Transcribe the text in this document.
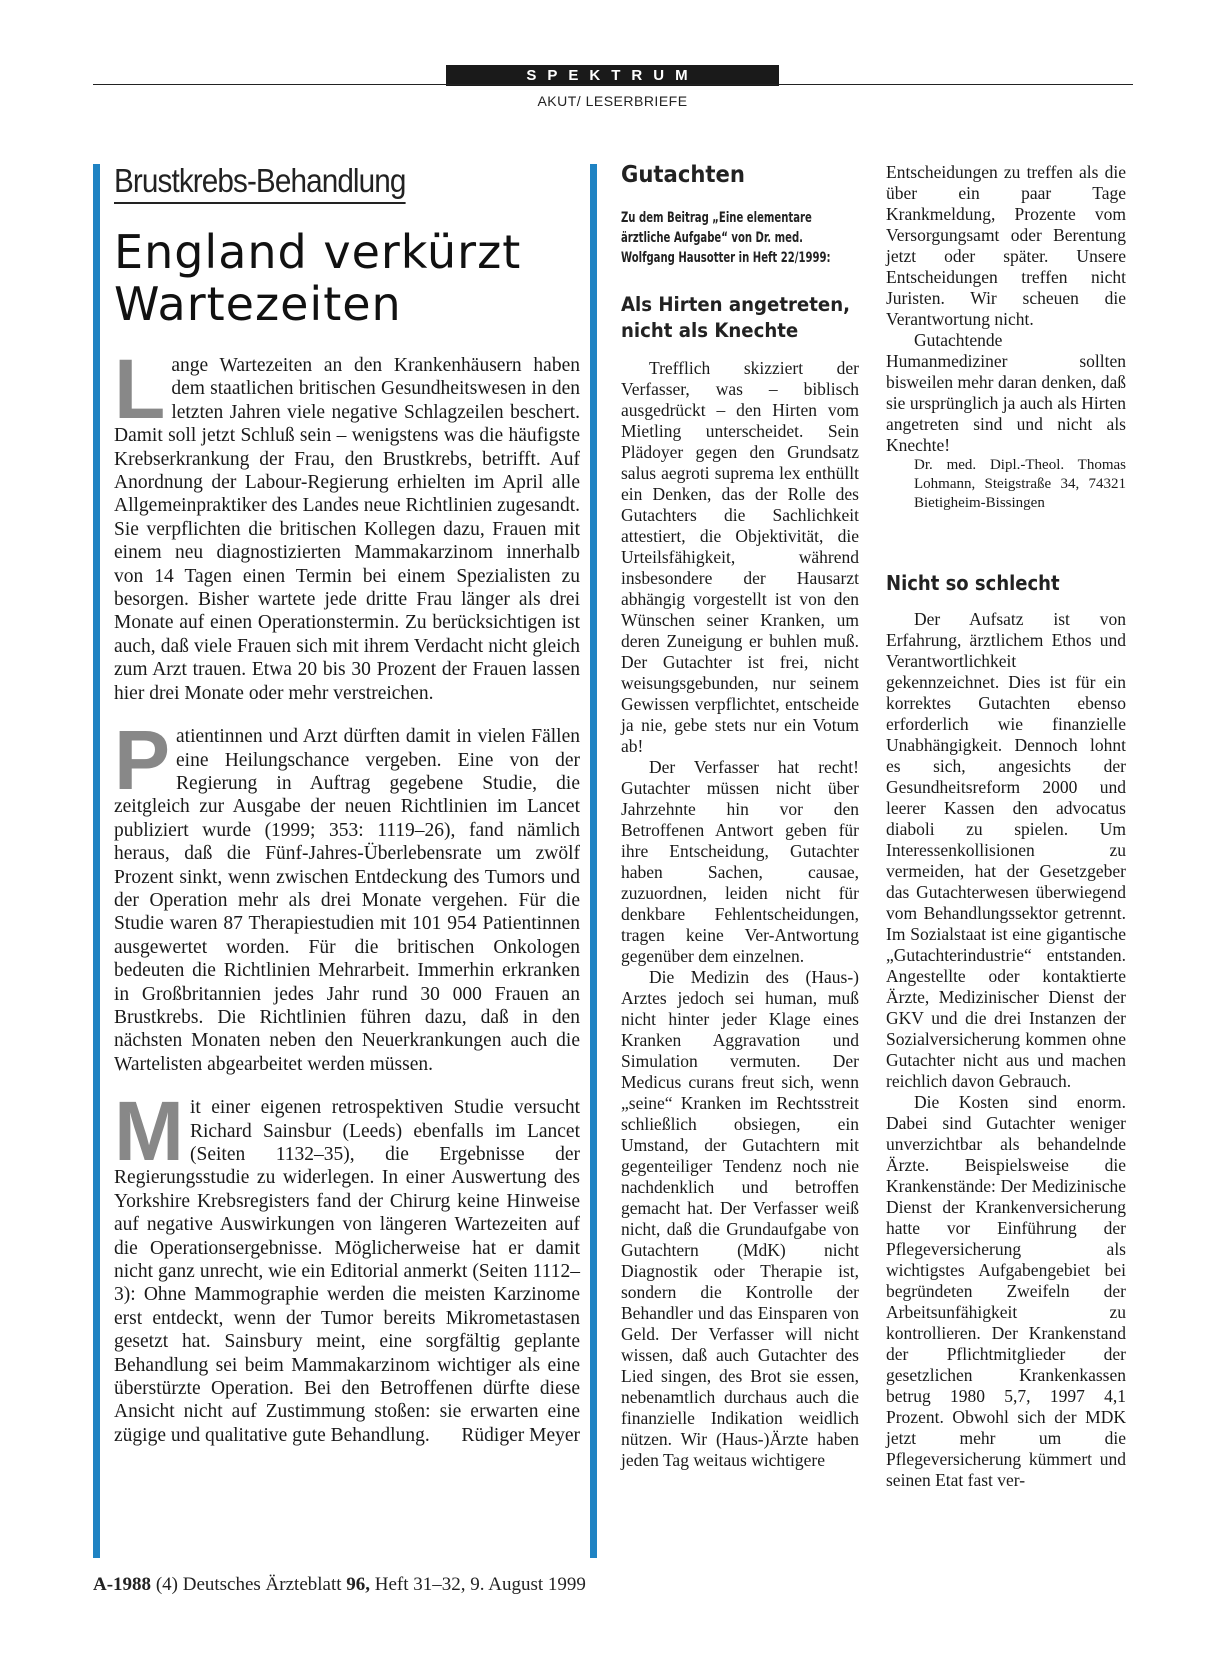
SPEKTRUM
AKUT/ LESERBRIEFE
Brustkrebs-Behandlung
England verkürzt
Wartezeiten

L ange Wartezeiten an den Krankenhäusern haben dem staatlichen britischen Gesundheitswesen in den letzten Jahren viele negative Schlagzeilen beschert. Damit soll jetzt Schluß sein – wenigstens was die häufigste Krebserkrankung der Frau, den Brustkrebs, betrifft. Auf Anordnung der Labour-Regierung erhielten im April alle Allgemeinpraktiker des Landes neue Richtlinien zugesandt. Sie verpflichten die britischen Kollegen dazu, Frauen mit einem neu diagnostizierten Mammakarzinom innerhalb von 14 Tagen einen Termin bei einem Spezialisten zu besorgen. Bisher wartete jede dritte Frau länger als drei Monate auf einen Operationstermin. Zu berücksichtigen ist auch, daß viele Frauen sich mit ihrem Verdacht nicht gleich zum Arzt trauen. Etwa 20 bis 30 Prozent der Frauen lassen hier drei Monate oder mehr verstreichen.

P atientinnen und Arzt dürften damit in vielen Fällen eine Heilungschance vergeben. Eine von der Regierung in Auftrag gegebene Studie, die zeitgleich zur Ausgabe der neuen Richtlinien im Lancet publiziert wurde (1999; 353: 1119–26), fand nämlich heraus, daß die Fünf-Jahres-Überlebensrate um zwölf Prozent sinkt, wenn zwischen Entdeckung des Tumors und der Operation mehr als drei Monate vergehen. Für die Studie waren 87 Therapiestudien mit 101 954 Patientinnen ausgewertet worden. Für die britischen Onkologen bedeuten die Richtlinien Mehrarbeit. Immerhin erkranken in Großbritannien jedes Jahr rund 30 000 Frauen an Brustkrebs. Die Richtlinien führen dazu, daß in den nächsten Monaten neben den Neuerkrankungen auch die Wartelisten abgearbeitet werden müssen.

M it einer eigenen retrospektiven Studie versucht Richard Sainsbur (Leeds) ebenfalls im Lancet (Seiten 1132–35), die Ergebnisse der Regierungsstudie zu widerlegen. In einer Auswertung des Yorkshire Krebsregisters fand der Chirurg keine Hinweise auf negative Auswirkungen von längeren Wartezeiten auf die Operationsergebnisse. Möglicherweise hat er damit nicht ganz unrecht, wie ein Editorial anmerkt (Seiten 1112–3): Ohne Mammographie werden die meisten Karzinome erst entdeckt, wenn der Tumor bereits Mikrometastasen gesetzt hat. Sainsbury meint, eine sorgfältig geplante Behandlung sei beim Mammakarzinom wichtiger als eine überstürzte Operation. Bei den Betroffenen dürfte diese Ansicht nicht auf Zustimmung stoßen: sie erwarten eine zügige und qualitative gute Behandlung.	Rüdiger Meyer
Gutachten
Zu dem Beitrag „Eine elementare ärztliche Aufgabe“ von Dr. med. Wolfgang Hausotter in Heft 22/1999:
Als Hirten angetreten, nicht als Knechte

Trefflich skizziert der Verfasser, was – biblisch ausgedrückt – den Hirten vom Mietling unterscheidet. Sein Plädoyer gegen den Grundsatz salus aegroti suprema lex enthüllt ein Denken, das der Rolle des Gutachters die Sachlichkeit attestiert, die Objektivität, die Urteilsfähigkeit, während insbesondere der Hausarzt abhängig vorgestellt ist von den Wünschen seiner Kranken, um deren Zuneigung er buhlen muß. Der Gutachter ist frei, nicht weisungsgebunden, nur seinem Gewissen verpflichtet, entscheide ja nie, gebe stets nur ein Votum ab!

Der Verfasser hat recht! Gutachter müssen nicht über Jahrzehnte hin vor den Betroffenen Antwort geben für ihre Entscheidung, Gutachter haben Sachen, causae, zuzuordnen, leiden nicht für denkbare Fehlentscheidungen, tragen keine Ver-Antwortung gegenüber dem einzelnen.

Die Medizin des (Haus-) Arztes jedoch sei human, muß nicht hinter jeder Klage eines Kranken Aggravation und Simulation vermuten. Der Medicus curans freut sich, wenn „seine“ Kranken im Rechtsstreit schließlich obsiegen, ein Umstand, der Gutachtern mit gegenteiliger Tendenz noch nie nachdenklich und betroffen gemacht hat. Der Verfasser weiß nicht, daß die Grundaufgabe von Gutachtern (MdK) nicht Diagnostik oder Therapie ist, sondern die Kontrolle der Behandler und das Einsparen von Geld. Der Verfasser will nicht wissen, daß auch Gutachter des Lied singen, des Brot sie essen, nebenamtlich durchaus auch die finanzielle Indikation weidlich nützen. Wir (Haus-)Ärzte haben jeden Tag weitaus wichtigere

Entscheidungen zu treffen als die über ein paar Tage Krankmeldung, Prozente vom Versorgungsamt oder Berentung jetzt oder später. Unsere Entscheidungen treffen nicht Juristen. Wir scheuen die Verantwortung nicht.

Gutachtende Humanmediziner sollten bisweilen mehr daran denken, daß sie ursprünglich ja auch als Hirten angetreten sind und nicht als Knechte!

Dr. med. Dipl.-Theol. Thomas Lohmann, Steigstraße 34, 74321 Bietigheim-Bissingen
Nicht so schlecht

Der Aufsatz ist von Erfahrung, ärztlichem Ethos und Verantwortlichkeit gekennzeichnet. Dies ist für ein korrektes Gutachten ebenso erforderlich wie finanzielle Unabhängigkeit. Dennoch lohnt es sich, angesichts der Gesundheitsreform 2000 und leerer Kassen den advocatus diaboli zu spielen. Um Interessenkollisionen zu vermeiden, hat der Gesetzgeber das Gutachterwesen überwiegend vom Behandlungssektor getrennt. Im Sozialstaat ist eine gigantische „Gutachterindustrie“ entstanden. Angestellte oder kontaktierte Ärzte, Medizinischer Dienst der GKV und die drei Instanzen der Sozialversicherung kommen ohne Gutachter nicht aus und machen reichlich davon Gebrauch.

Die Kosten sind enorm. Dabei sind Gutachter weniger unverzichtbar als behandelnde Ärzte. Beispielsweise die Krankenstände: Der Medizinische Dienst der Krankenversicherung hatte vor Einführung der Pflegeversicherung als wichtigstes Aufgabengebiet bei begründeten Zweifeln der Arbeitsunfähigkeit zu kontrollieren. Der Krankenstand der Pflichtmitglieder der gesetzlichen Krankenkassen betrug 1980 5,7, 1997 4,1 Prozent. Obwohl sich der MDK jetzt mehr um die Pflegeversicherung kümmert und seinen Etat fast ver-

A-1988 (4) Deutsches Ärzteblatt 96, Heft 31–32, 9. August 1999
